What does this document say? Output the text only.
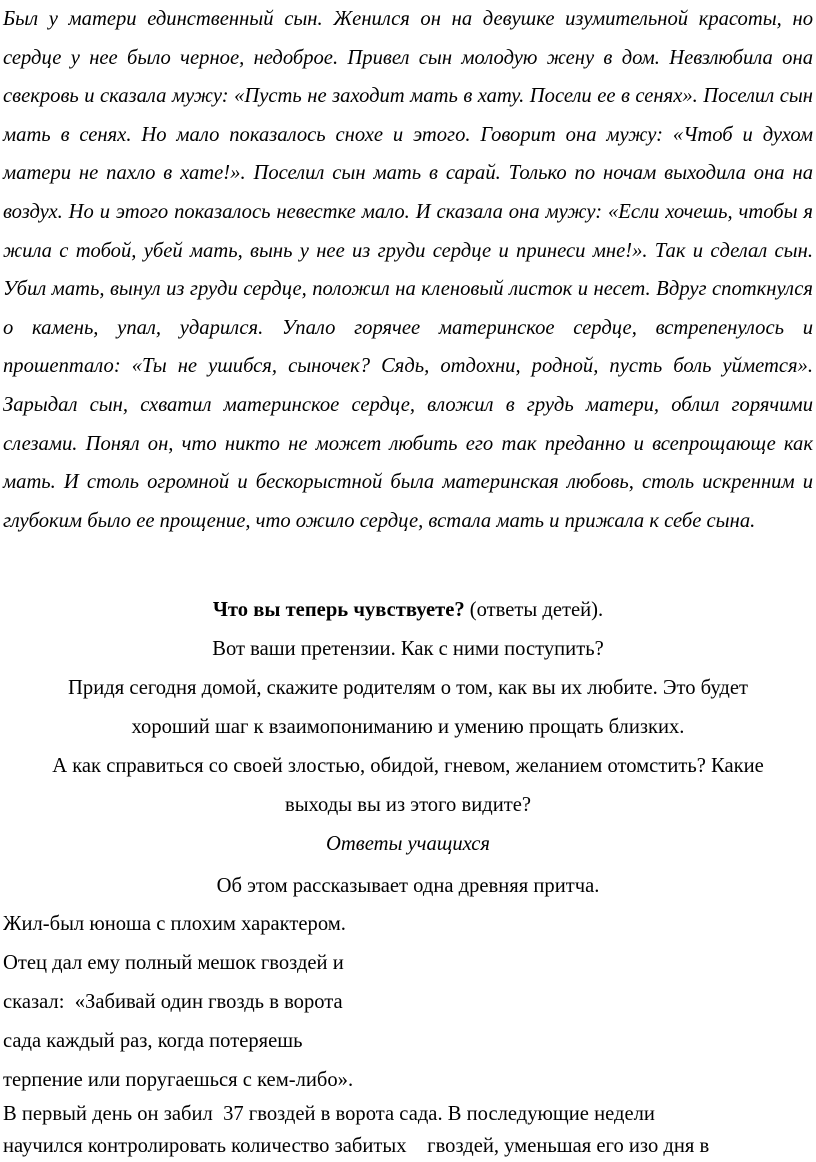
Был у матери единственный сын. Женился он на девушке изумительной красоты, но сердце у нее было черное, недоброе. Привел сын молодую жену в дом. Невзлюбила она свекровь и сказала мужу: «Пусть не заходит мать в хату. Посели ее в сенях». Поселил сын мать в сенях. Но мало показалось снохе и этого. Говорит она мужу: «Чтоб и духом матери не пахло в хате!». Поселил сын мать в сарай. Только по ночам выходила она на воздух. Но и этого показалось невестке мало. И сказала она мужу: «Если хочешь, чтобы я жила с тобой, убей мать, вынь у нее из груди сердце и принеси мне!». Так и сделал сын. Убил мать, вынул из груди сердце, положил на кленовый листок и несет. Вдруг споткнулся о камень, упал, ударился. Упало горячее материнское сердце, встрепенулось и прошептало: «Ты не ушибся, сыночек? Сядь, отдохни, родной, пусть боль уймется». Зарыдал сын, схватил материнское сердце, вложил в грудь матери, облил горячими слезами. Понял он, что никто не может любить его так преданно и всепрощающе как мать. И столь огромной и бескорыстной была материнская любовь, столь искренним и глубоким было ее прощение, что ожило сердце, встала мать и прижала к себе сына.
Что вы теперь чувствуете? (ответы детей).
Вот ваши претензии. Как с ними поступить?
Придя сегодня домой, скажите родителям о том, как вы их любите. Это будет
хороший шаг к взаимопониманию и умению прощать близких.
А как справиться со своей злостью, обидой, гневом, желанием отомстить? Какие
выходы вы из этого видите?
Ответы учащихся
Об этом рассказывает одна древняя притча.
Жил-был юноша с плохим характером.
Отец дал ему полный мешок гвоздей и
сказал:  «Забивай один гвоздь в ворота
сада каждый раз, когда потеряешь
терпение или поругаешься с кем-либо».
В первый день он забил  37 гвоздей в ворота сада. В последующие недели
научился контролировать количество забитых    гвоздей, уменьшая его изо дня в
